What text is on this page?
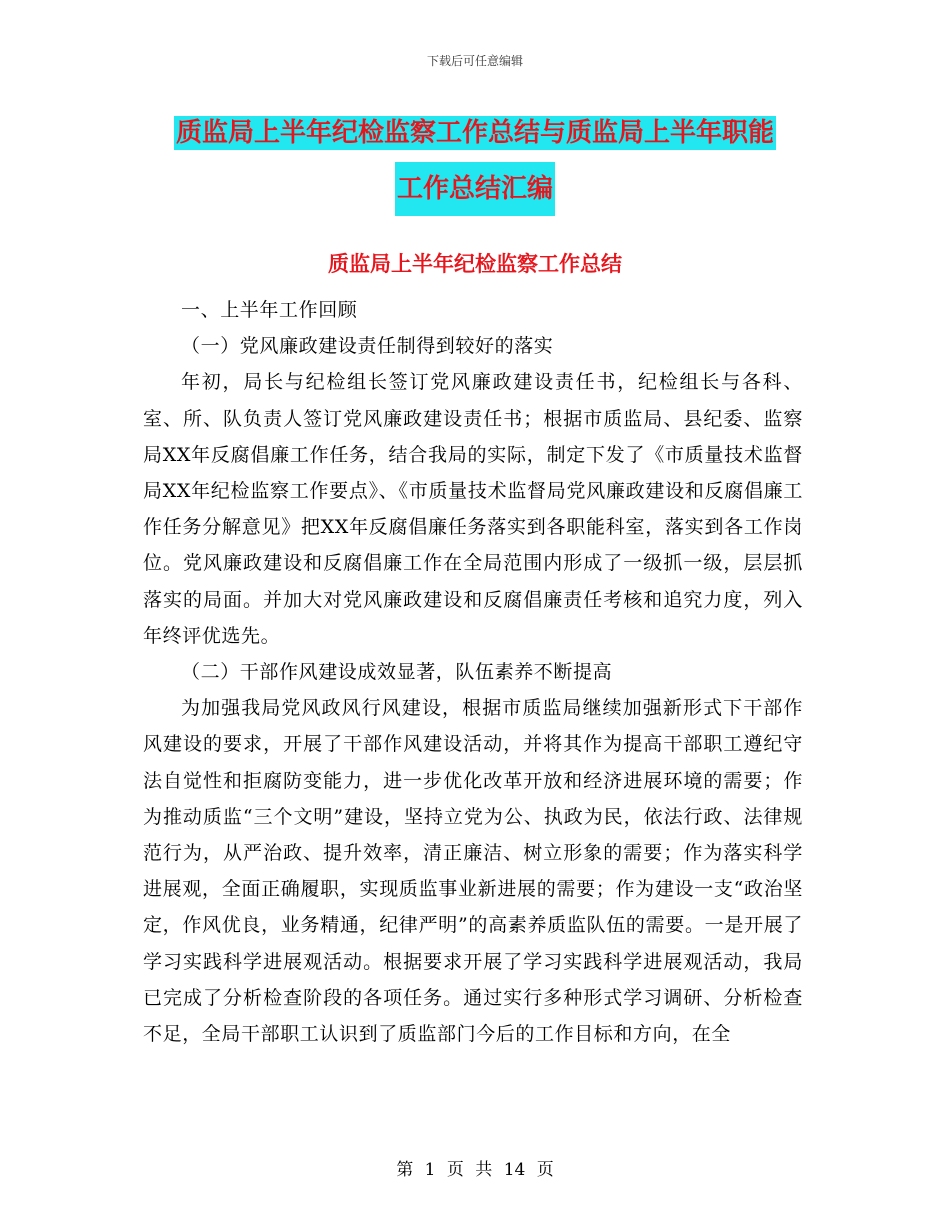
下载后可任意编辑
质监局上半年纪检监察工作总结与质监局上半年职能
工作总结汇编
质监局上半年纪检监察工作总结

一、上半年工作回顾

（一）党风廉政建设责任制得到较好的落实

年初，局长与纪检组长签订党风廉政建设责任书，纪检组长与各科、室、所、队负责人签订党风廉政建设责任书；根据市质监局、县纪委、监察局XX年反腐倡廉工作任务，结合我局的实际，制定下发了《市质量技术监督局XX年纪检监察工作要点》、《市质量技术监督局党风廉政建设和反腐倡廉工作任务分解意见》把XX年反腐倡廉任务落实到各职能科室，落实到各工作岗位。党风廉政建设和反腐倡廉工作在全局范围内形成了一级抓一级，层层抓落实的局面。并加大对党风廉政建设和反腐倡廉责任考核和追究力度，列入年终评优选先。

（二）干部作风建设成效显著，队伍素养不断提高

为加强我局党风政风行风建设，根据市质监局继续加强新形式下干部作风建设的要求，开展了干部作风建设活动，并将其作为提高干部职工遵纪守法自觉性和拒腐防变能力，进一步优化改革开放和经济进展环境的需要；作为推动质监“三个文明”建设，坚持立党为公、执政为民，依法行政、法律规范行为，从严治政、提升效率，清正廉洁、树立形象的需要；作为落实科学进展观，全面正确履职，实现质监事业新进展的需要；作为建设一支“政治坚定，作风优良，业务精通，纪律严明”的高素养质监队伍的需要。一是开展了学习实践科学进展观活动。根据要求开展了学习实践科学进展观活动，我局已完成了分析检查阶段的各项任务。通过实行多种形式学习调研、分析检查不足，全局干部职工认识到了质监部门今后的工作目标和方向，在全

第 1 页 共 14 页
